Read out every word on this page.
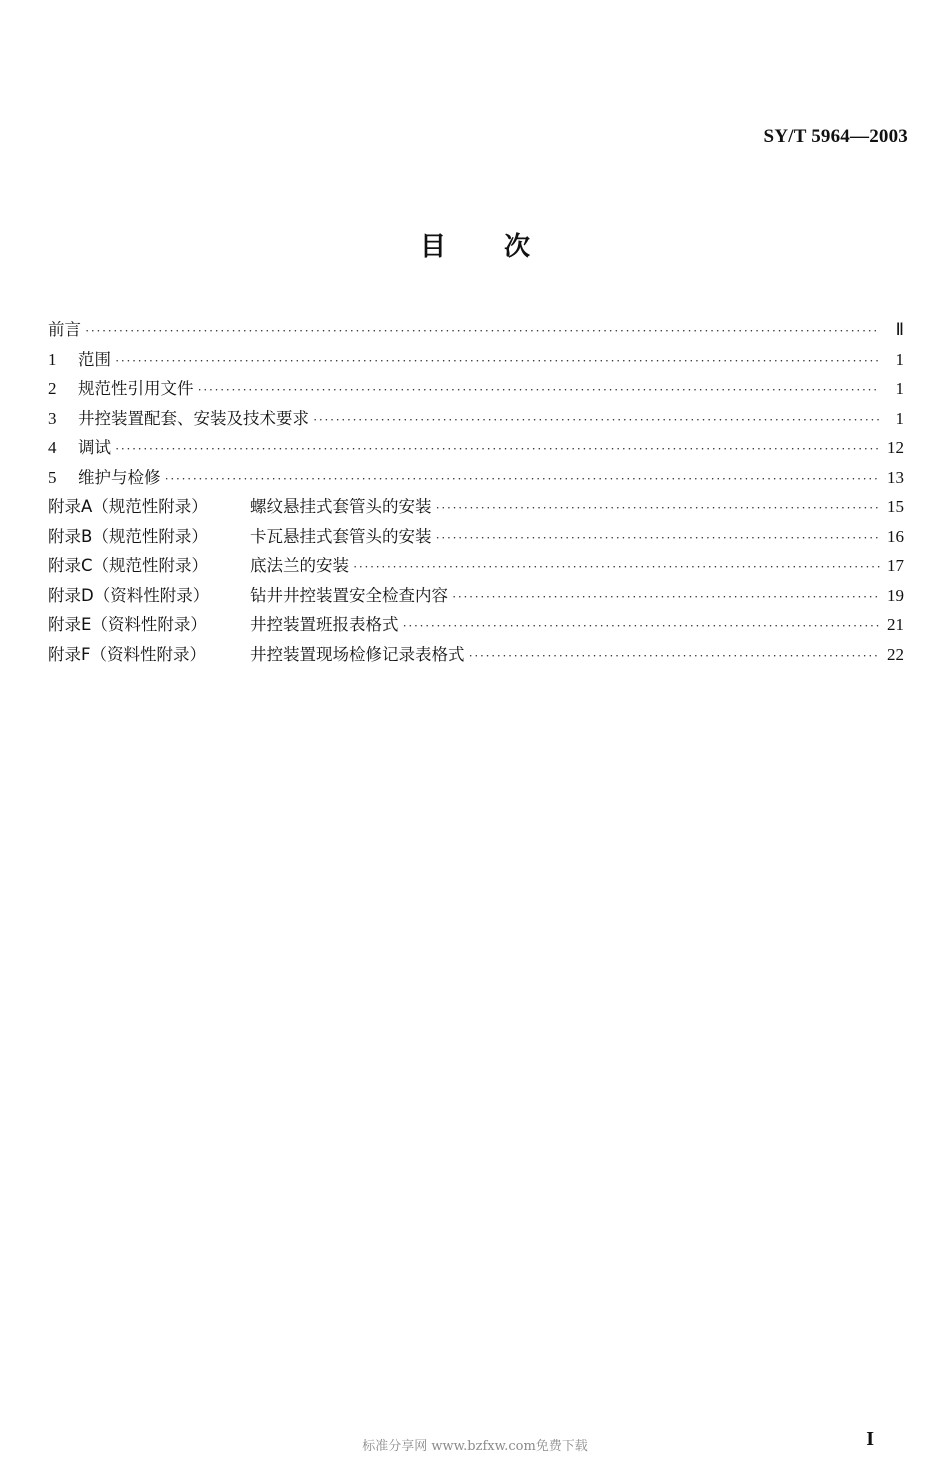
SY/T 5964—2003
目次
前言 ·····	Ⅱ
1	范围 ·····	1
2	规范性引用文件 ·····	1
3	井控装置配套、安装及技术要求 ·····	1
4	调试 ·····	12
5	维护与检修 ·····	13
附录A（规范性附录）	螺纹悬挂式套管头的安装 ·····	15
附录B（规范性附录）	卡瓦悬挂式套管头的安装 ·····	16
附录C（规范性附录）	底法兰的安装 ·····	17
附录D（资料性附录）	钻井井控装置安全检查内容 ·····	19
附录E（资料性附录）	井控装置班报表格式 ·····	21
附录F（资料性附录）	井控装置现场检修记录表格式 ·····	22
标准分享网 www.bzfxw.com免费下载	I
